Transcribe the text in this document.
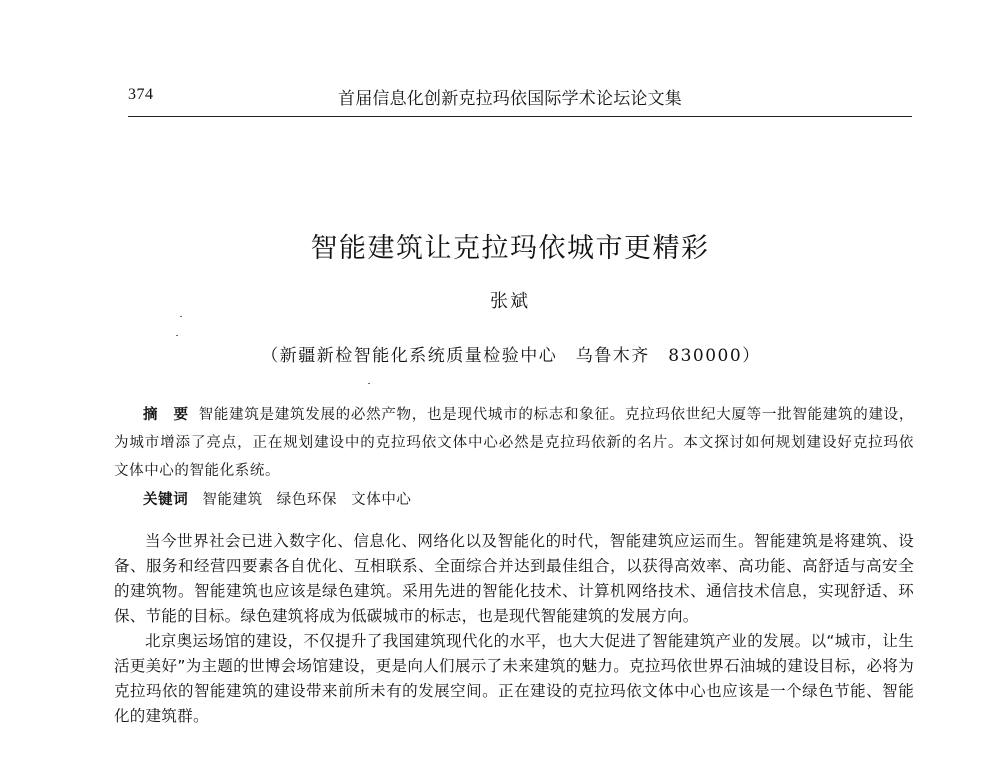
374	首届信息化创新克拉玛依国际学术论坛论文集
智能建筑让克拉玛依城市更精彩
张斌
（新疆新检智能化系统质量检验中心　乌鲁木齐　830000）
摘　要 智能建筑是建筑发展的必然产物，也是现代城市的标志和象征。克拉玛依世纪大厦等一批智能建筑的建设，为城市增添了亮点，正在规划建设中的克拉玛依文体中心必然是克拉玛依新的名片。本文探讨如何规划建设好克拉玛依文体中心的智能化系统。
关键词 智能建筑 绿色环保 文体中心

当今世界社会已进入数字化、信息化、网络化以及智能化的时代，智能建筑应运而生。智能建筑是将建筑、设备、服务和经营四要素各自优化、互相联系、全面综合并达到最佳组合，以获得高效率、高功能、高舒适与高安全的建筑物。智能建筑也应该是绿色建筑。采用先进的智能化技术、计算机网络技术、通信技术信息，实现舒适、环保、节能的目标。绿色建筑将成为低碳城市的标志，也是现代智能建筑的发展方向。

北京奥运场馆的建设，不仅提升了我国建筑现代化的水平，也大大促进了智能建筑产业的发展。以“城市，让生活更美好”为主题的世博会场馆建设，更是向人们展示了未来建筑的魅力。克拉玛依世界石油城的建设目标，必将为克拉玛依的智能建筑的建设带来前所未有的发展空间。正在建设的克拉玛依文体中心也应该是一个绿色节能、智能化的建筑群。
